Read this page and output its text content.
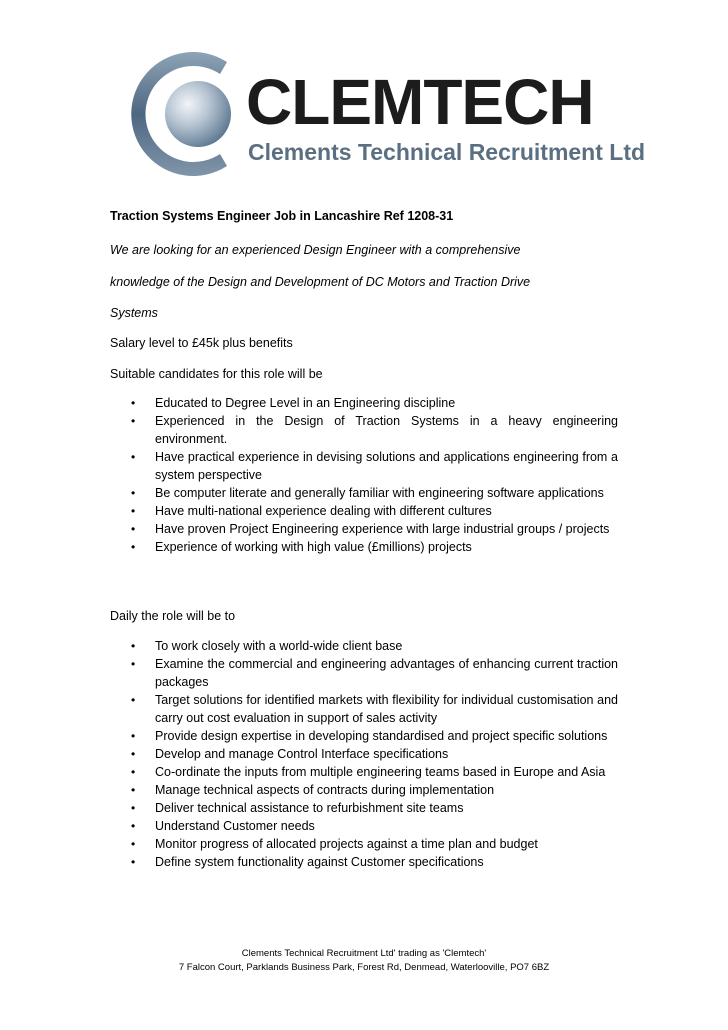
CLEMTECH
Clements Technical Recruitment Ltd
Traction Systems Engineer Job in Lancashire Ref 1208-31
We are looking for an experienced Design Engineer with a comprehensive
knowledge of the Design and Development of DC Motors and Traction Drive
Systems
Salary level to £45k plus benefits
Suitable candidates for this role will be
• Educated to Degree Level in an Engineering discipline
• Experienced in the Design of Traction Systems in a heavy engineering environment.
• Have practical experience in devising solutions and applications engineering from a system perspective
• Be computer literate and generally familiar with engineering software applications
• Have multi-national experience dealing with different cultures
• Have proven Project Engineering experience with large industrial groups / projects
• Experience of working with high value (£millions) projects
Daily the role will be to
• To work closely with a world-wide client base
• Examine the commercial and engineering advantages of enhancing current traction packages
• Target solutions for identified markets with flexibility for individual customisation and carry out cost evaluation in support of sales activity
• Provide design expertise in developing standardised and project specific solutions
• Develop and manage Control Interface specifications
• Co-ordinate the inputs from multiple engineering teams based in Europe and Asia
• Manage technical aspects of contracts during implementation
• Deliver technical assistance to refurbishment site teams
• Understand Customer needs
• Monitor progress of allocated projects against a time plan and budget
• Define system functionality against Customer specifications
Clements Technical Recruitment Ltd' trading as 'Clemtech'
7 Falcon Court, Parklands Business Park, Forest Rd, Denmead, Waterlooville, PO7 6BZ
